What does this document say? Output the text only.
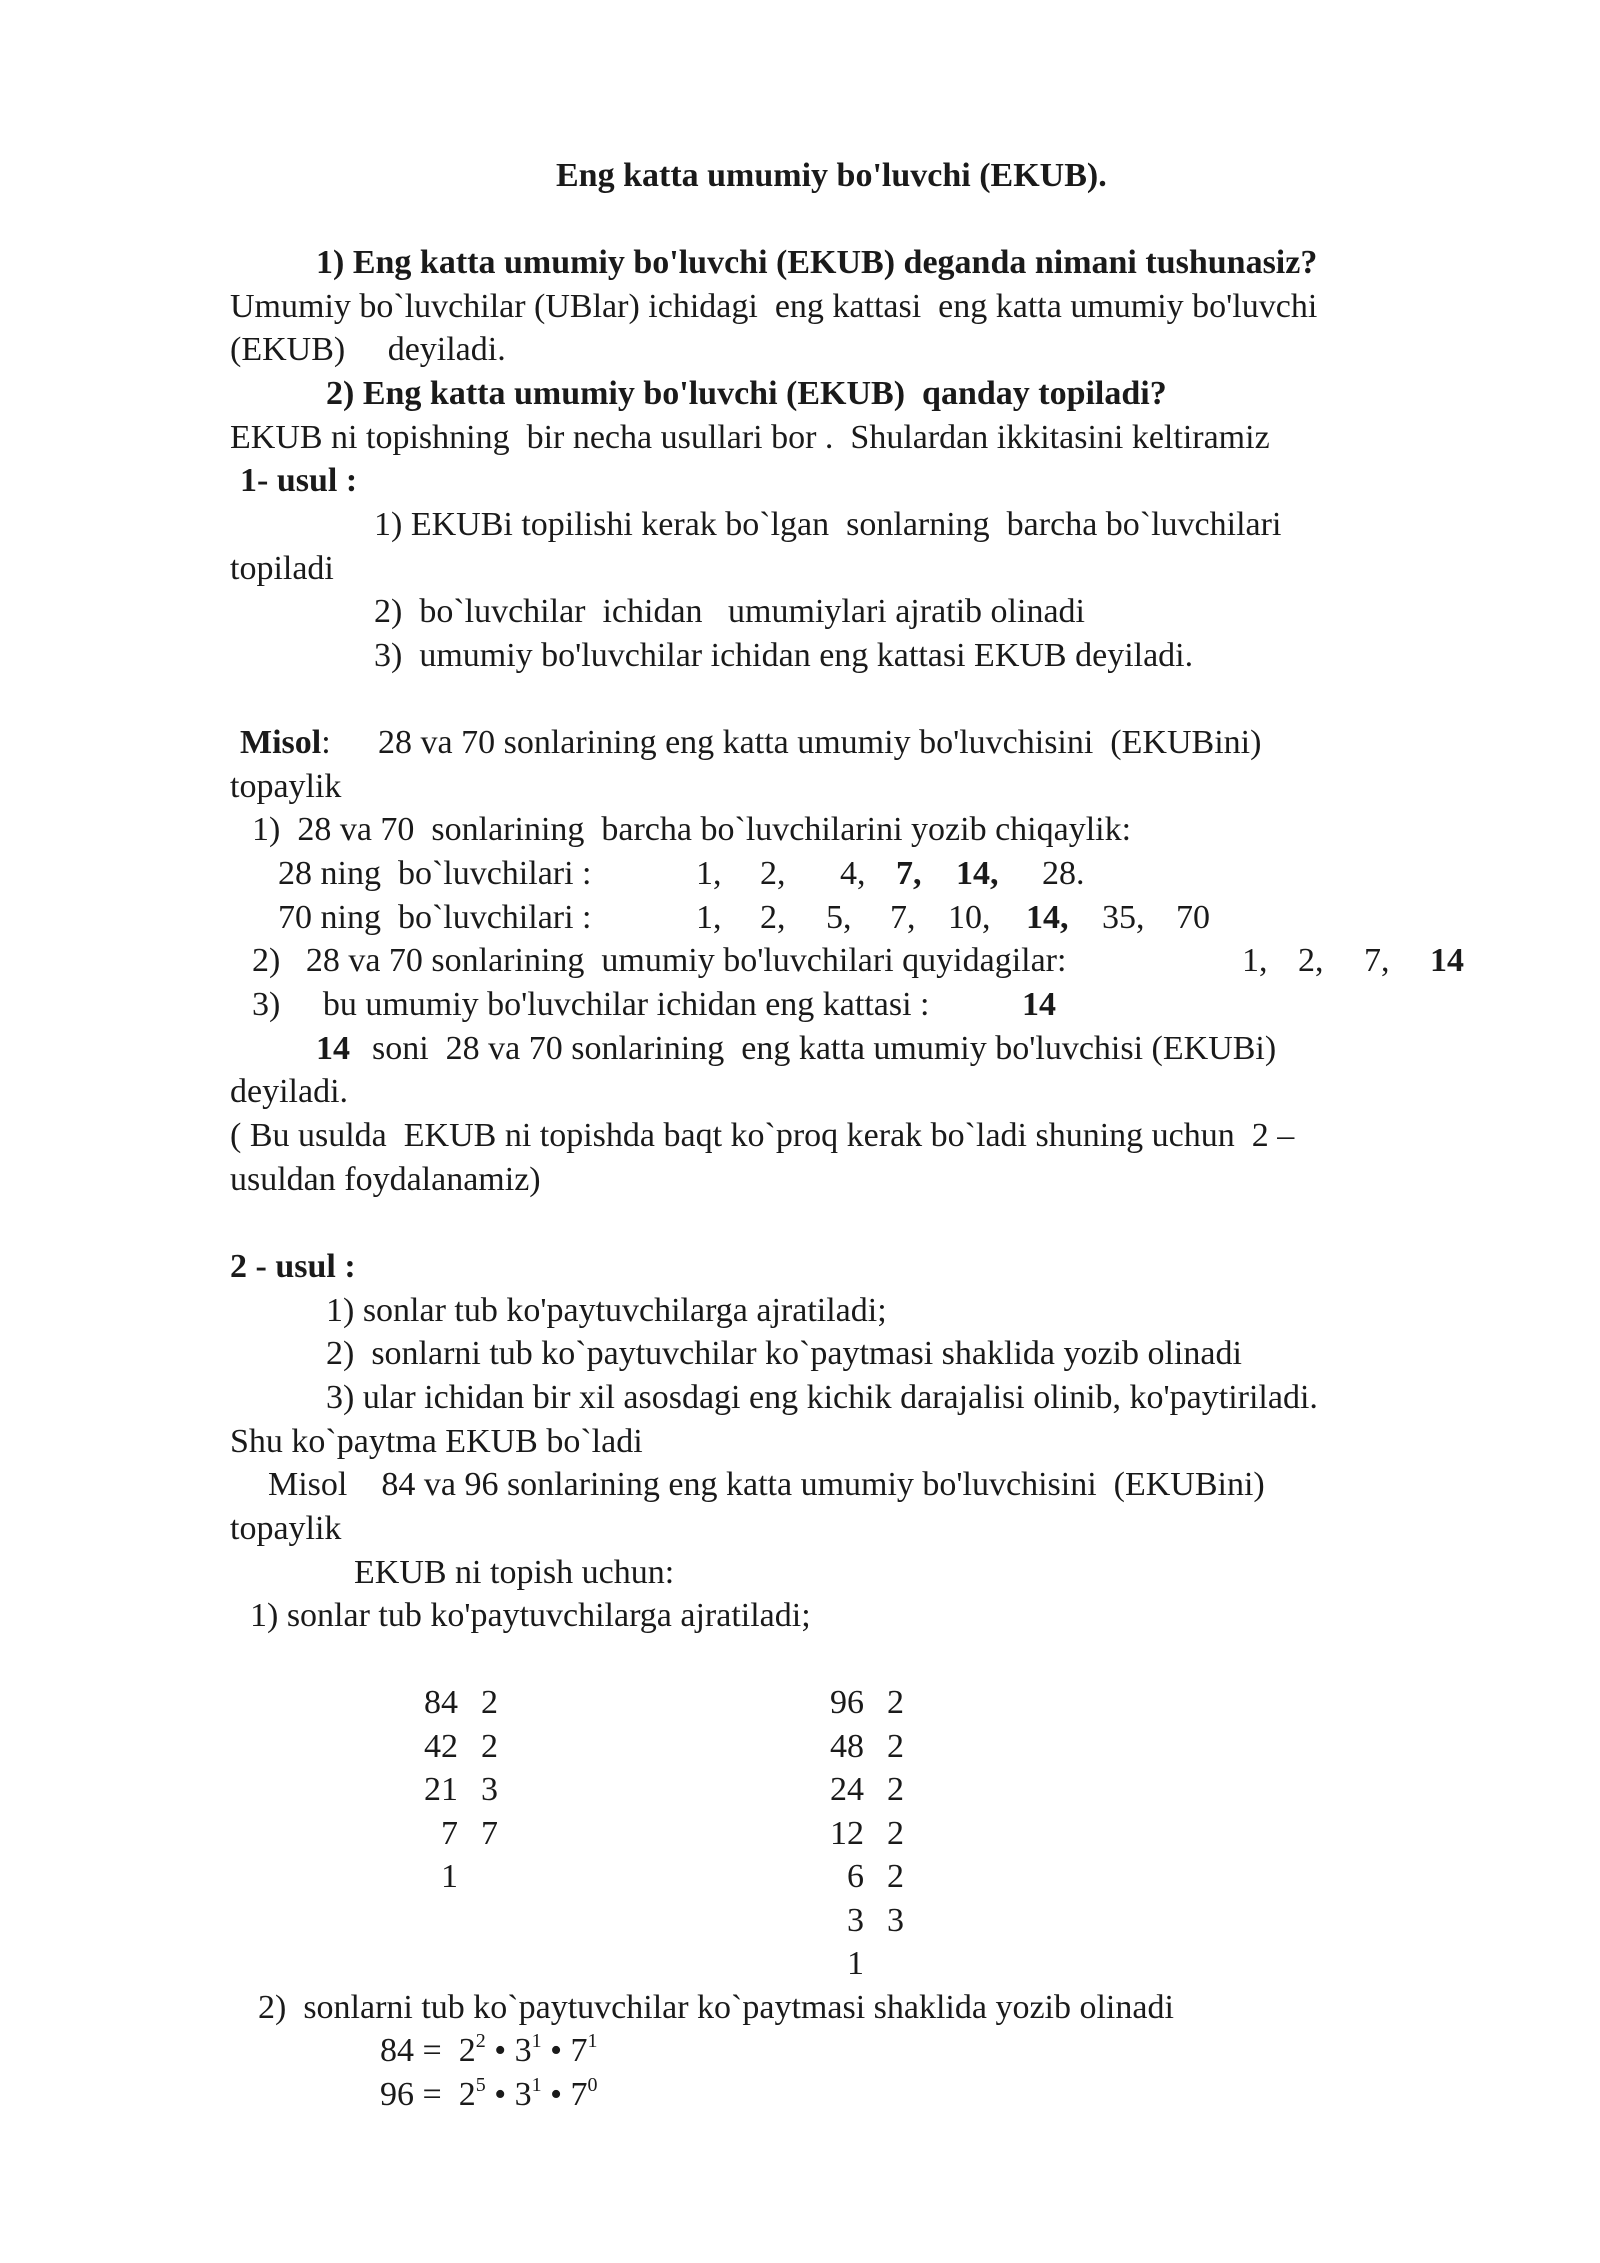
Eng katta umumiy bo'luvchi (EKUB).
1) Eng katta umumiy bo'luvchi (EKUB) deganda nimani tushunasiz?
Umumiy bo`luvchilar (UBlar) ichidagi  eng kattasi  eng katta umumiy bo'luvchi
(EKUB)     deyiladi.
2) Eng katta umumiy bo'luvchi (EKUB)  qanday topiladi?
EKUB ni topishning  bir necha usullari bor .  Shulardan ikkitasini keltiramiz
1- usul :
1) EKUBi topilishi kerak bo`lgan  sonlarning  barcha bo`luvchilari
topiladi
2)  bo`luvchilar  ichidan   umumiylari ajratib olinadi
3)  umumiy bo'luvchilar ichidan eng kattasi EKUB deyiladi.
Misol: 28 va 70 sonlarining eng katta umumiy bo'luvchisini  (EKUBini)
topaylik
1)  28 va 70  sonlarining  barcha bo`luvchilarini yozib chiqaylik:
28 ning  bo`luvchilari :	1, 2, 4, 7, 14, 28.
70 ning  bo`luvchilari :	1, 2, 5, 7, 10, 14, 35, 70
2)   28 va 70 sonlarining  umumiy bo'luvchilari quyidagilar:	1, 2, 7, 14
3)     bu umumiy bo'luvchilar ichidan eng kattasi :	14
14 soni  28 va 70 sonlarining  eng katta umumiy bo'luvchisi (EKUBi)
deyiladi.
( Bu usulda  EKUB ni topishda baqt ko`proq kerak bo`ladi shuning uchun  2 –
usuldan foydalanamiz)
2 - usul :
1) sonlar tub ko'paytuvchilarga ajratiladi;
2)  sonlarni tub ko`paytuvchilar ko`paytmasi shaklida yozib olinadi
3) ular ichidan bir xil asosdagi eng kichik darajalisi olinib, ko'paytiriladi.
Shu ko`paytma EKUB bo`ladi
Misol    84 va 96 sonlarining eng katta umumiy bo'luvchisini  (EKUBini)
topaylik
EKUB ni topish uchun:
1) sonlar tub ko'paytuvchilarga ajratiladi;
84 2
42 2
21 3
7 7
1
96 2
48 2
24 2
12 2
6 2
3 3
1
2)  sonlarni tub ko`paytuvchilar ko`paytmasi shaklida yozib olinadi
$84 = 2^2$ • $3^1$ • $7^1$
$96 = 2^5$ • $3^1$ • $7^0$
